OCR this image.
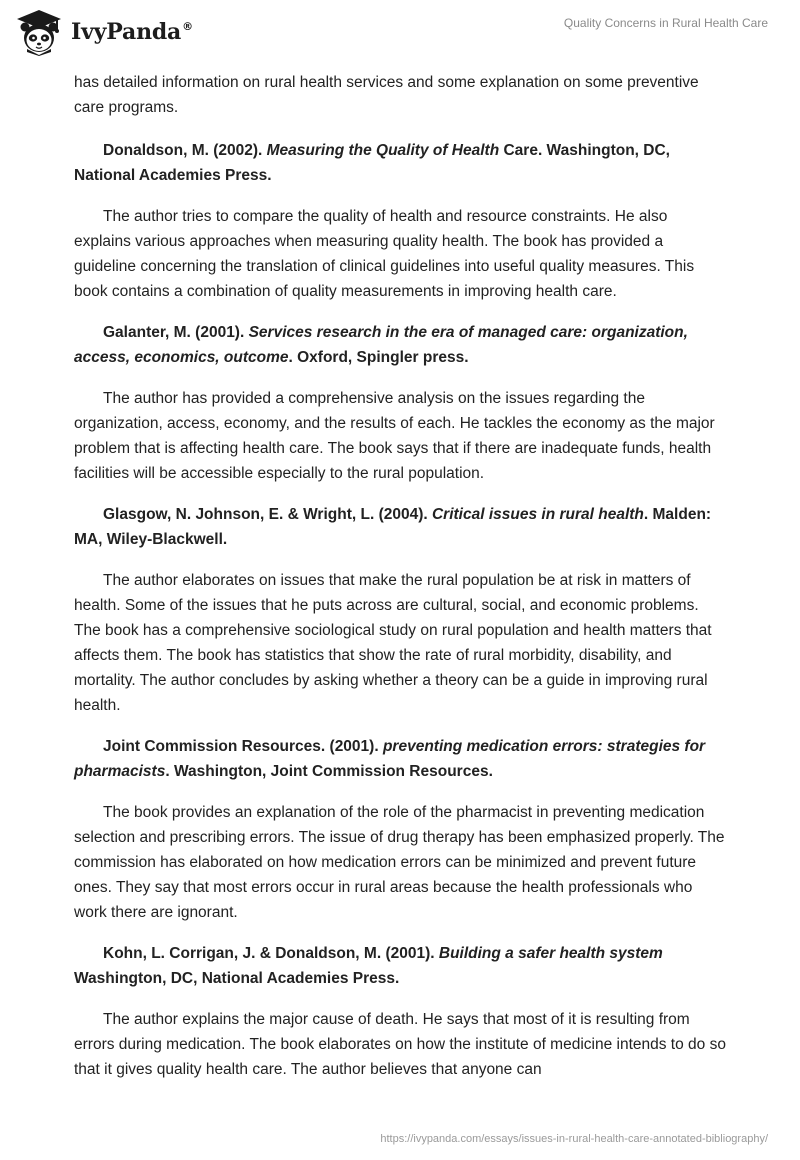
IvyPanda®	Quality Concerns in Rural Health Care

has detailed information on rural health services and some explanation on some preventive care programs.

Donaldson, M. (2002). Measuring the Quality of Health Care. Washington, DC, National Academies Press.

The author tries to compare the quality of health and resource constraints. He also explains various approaches when measuring quality health. The book has provided a guideline concerning the translation of clinical guidelines into useful quality measures. This book contains a combination of quality measurements in improving health care.

Galanter, M. (2001). Services research in the era of managed care: organization, access, economics, outcome. Oxford, Spingler press.

The author has provided a comprehensive analysis on the issues regarding the organization, access, economy, and the results of each. He tackles the economy as the major problem that is affecting health care. The book says that if there are inadequate funds, health facilities will be accessible especially to the rural population.

Glasgow, N. Johnson, E. & Wright, L. (2004). Critical issues in rural health. Malden: MA, Wiley-Blackwell.

The author elaborates on issues that make the rural population be at risk in matters of health. Some of the issues that he puts across are cultural, social, and economic problems. The book has a comprehensive sociological study on rural population and health matters that affects them. The book has statistics that show the rate of rural morbidity, disability, and mortality. The author concludes by asking whether a theory can be a guide in improving rural health.

Joint Commission Resources. (2001). preventing medication errors: strategies for pharmacists. Washington, Joint Commission Resources.

The book provides an explanation of the role of the pharmacist in preventing medication selection and prescribing errors. The issue of drug therapy has been emphasized properly. The commission has elaborated on how medication errors can be minimized and prevent future ones. They say that most errors occur in rural areas because the health professionals who work there are ignorant.

Kohn, L. Corrigan, J. & Donaldson, M. (2001). Building a safer health system Washington, DC, National Academies Press.

The author explains the major cause of death. He says that most of it is resulting from errors during medication. The book elaborates on how the institute of medicine intends to do so that it gives quality health care. The author believes that anyone can

https://ivypanda.com/essays/issues-in-rural-health-care-annotated-bibliography/
